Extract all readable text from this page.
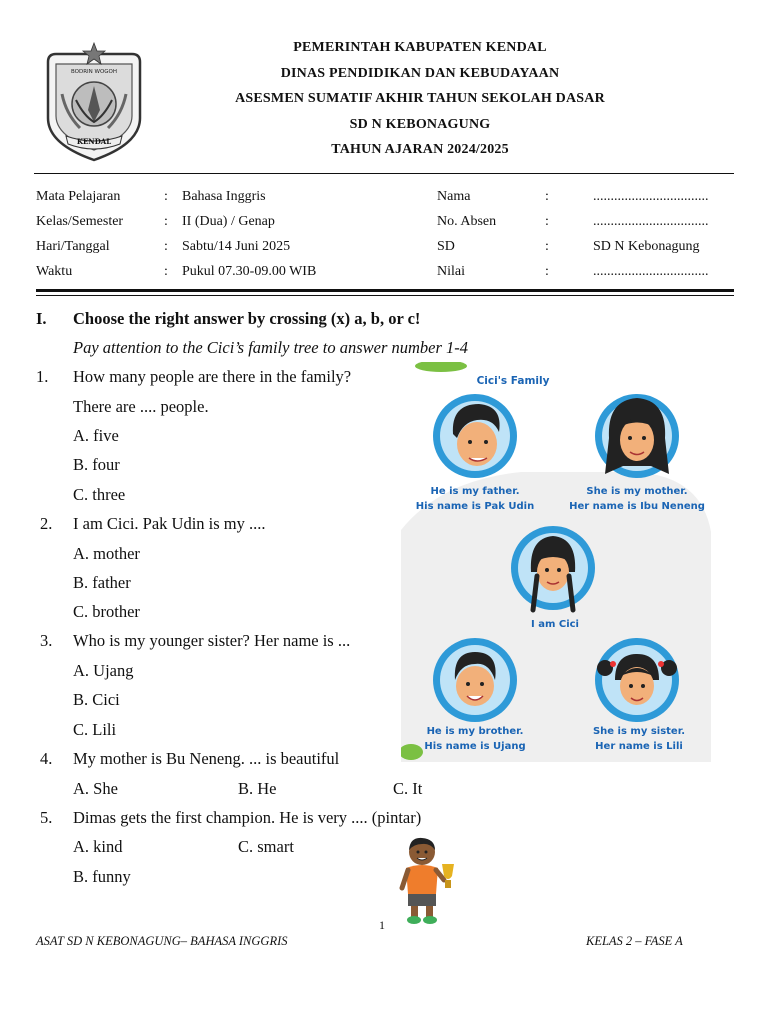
BODRIN WOGOH
KENDAL
PEMERINTAH KABUPATEN KENDAL
DINAS PENDIDIKAN DAN KEBUDAYAAN
ASESMEN SUMATIF AKHIR TAHUN SEKOLAH DASAR
SD N KEBONAGUNG
TAHUN AJARAN 2024/2025
Mata Pelajaran	: Bahasa Inggris	Nama	:	.................................
Kelas/Semester	: II (Dua) / Genap	No. Absen	:	.................................
Hari/Tanggal	: Sabtu/14 Juni 2025	SD	:	SD N Kebonagung
Waktu	: Pukul 07.30-09.00 WIB	Nilai	:	.................................
I. Choose the right answer by crossing (x) a, b, or c!
Pay attention to the Cici’s family tree to answer number 1-4
1. How many people are there in the family?
There are .... people.
A. five
B. four
C. three
2. I am Cici. Pak Udin is my ....
A. mother
B. father
C. brother
3. Who is my younger sister? Her name is ...
A. Ujang
B. Cici
C. Lili
4. My mother is Bu Neneng. ... is beautiful
A. She	B. He	C. It
5. Dimas gets the first champion. He is very .... (pintar)
A. kind	C. smart
B. funny
Cici's Family
He is my father.
His name is Pak Udin
She is my mother.
Her name is Ibu Neneng
I am Cici
He is my brother.
His name is Ujang
She is my sister.
Her name is Lili
1
ASAT SD N KEBONAGUNG– BAHASA INGGRIS	KELAS 2 – FASE A
